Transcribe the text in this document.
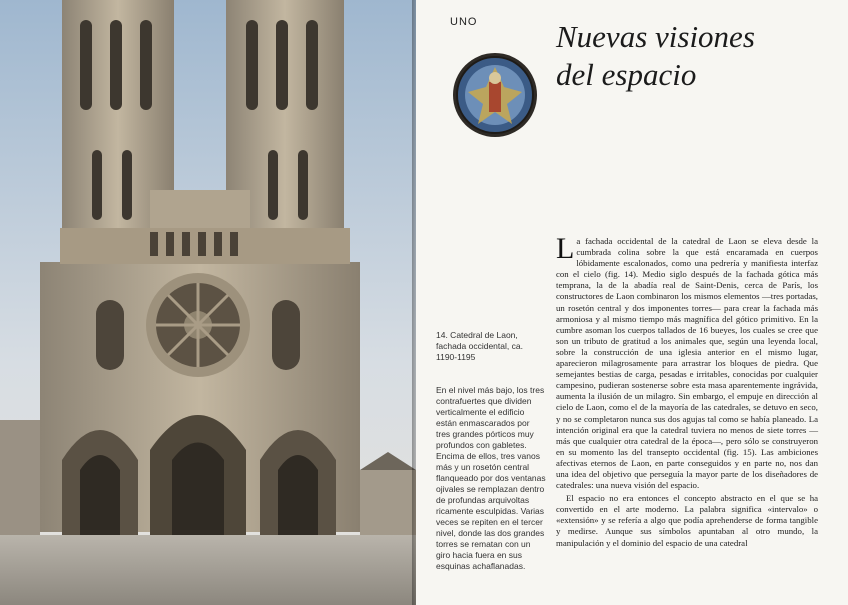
UNO	Nuevas visiones
del espacio
14. Catedral de Laon, fachada occidental, ca. 1190-1195
En el nivel más bajo, los tres contrafuertes que dividen verticalmente el edificio están enmascarados por tres grandes pórticos muy profundos con gabletes. Encima de ellos, tres vanos más y un rosetón central flanqueado por dos ventanas ojivales se remplazan dentro de profundas arquivoltas ricamente esculpidas. Varias veces se repiten en el tercer nivel, donde las dos grandes torres se rematan con un giro hacia fuera en sus esquinas achaflanadas.

La fachada occidental de la catedral de Laon se eleva desde la cumbrada colina sobre la que está encaramada en cuerpos lóbidamente escalonados, como una pedrería y manifiesta interfaz con el cielo (fig. 14). Medio siglo después de la fachada gótica más temprana, la de la abadía real de Saint-Denis, cerca de París, los constructores de Laon combinaron los mismos elementos —tres portadas, un rosetón central y dos imponentes torres— para crear la fachada más armoniosa y al mismo tiempo más magnífica del gótico primitivo. En la cumbre asoman los cuerpos tallados de 16 bueyes, los cuales se cree que son un tributo de gratitud a los animales que, según una leyenda local, sobre la construcción de una iglesia anterior en el mismo lugar, aparecieron milagrosamente para arrastrar los bloques de piedra. Que semejantes bestias de carga, pesadas e irritables, conocidas por cualquier campesino, pudieran sostenerse sobre esta masa aparentemente ingrávida, aumenta la ilusión de un milagro. Sin embargo, el empuje en dirección al cielo de Laon, como el de la mayoría de las catedrales, se detuvo en seco, y no se completaron nunca sus dos agujas tal como se había planeado. La intención original era que la catedral tuviera no menos de siete torres —más que cualquier otra catedral de la época—, pero sólo se construyeron en su momento las del transepto occidental (fig. 15). Las ambiciones afectivas eternos de Laon, en parte conseguidos y en parte no, nos dan una idea del objetivo que perseguía la mayor parte de los diseñadores de catedrales: una nueva visión del espacio.

El espacio no era entonces el concepto abstracto en el que se ha convertido en el arte moderno. La palabra significa «intervalo» o «extensión» y se refería a algo que podía aprehenderse de forma tangible y medirse. Aunque sus símbolos apuntaban al otro mundo, la manipulación y el dominio del espacio de una catedral
